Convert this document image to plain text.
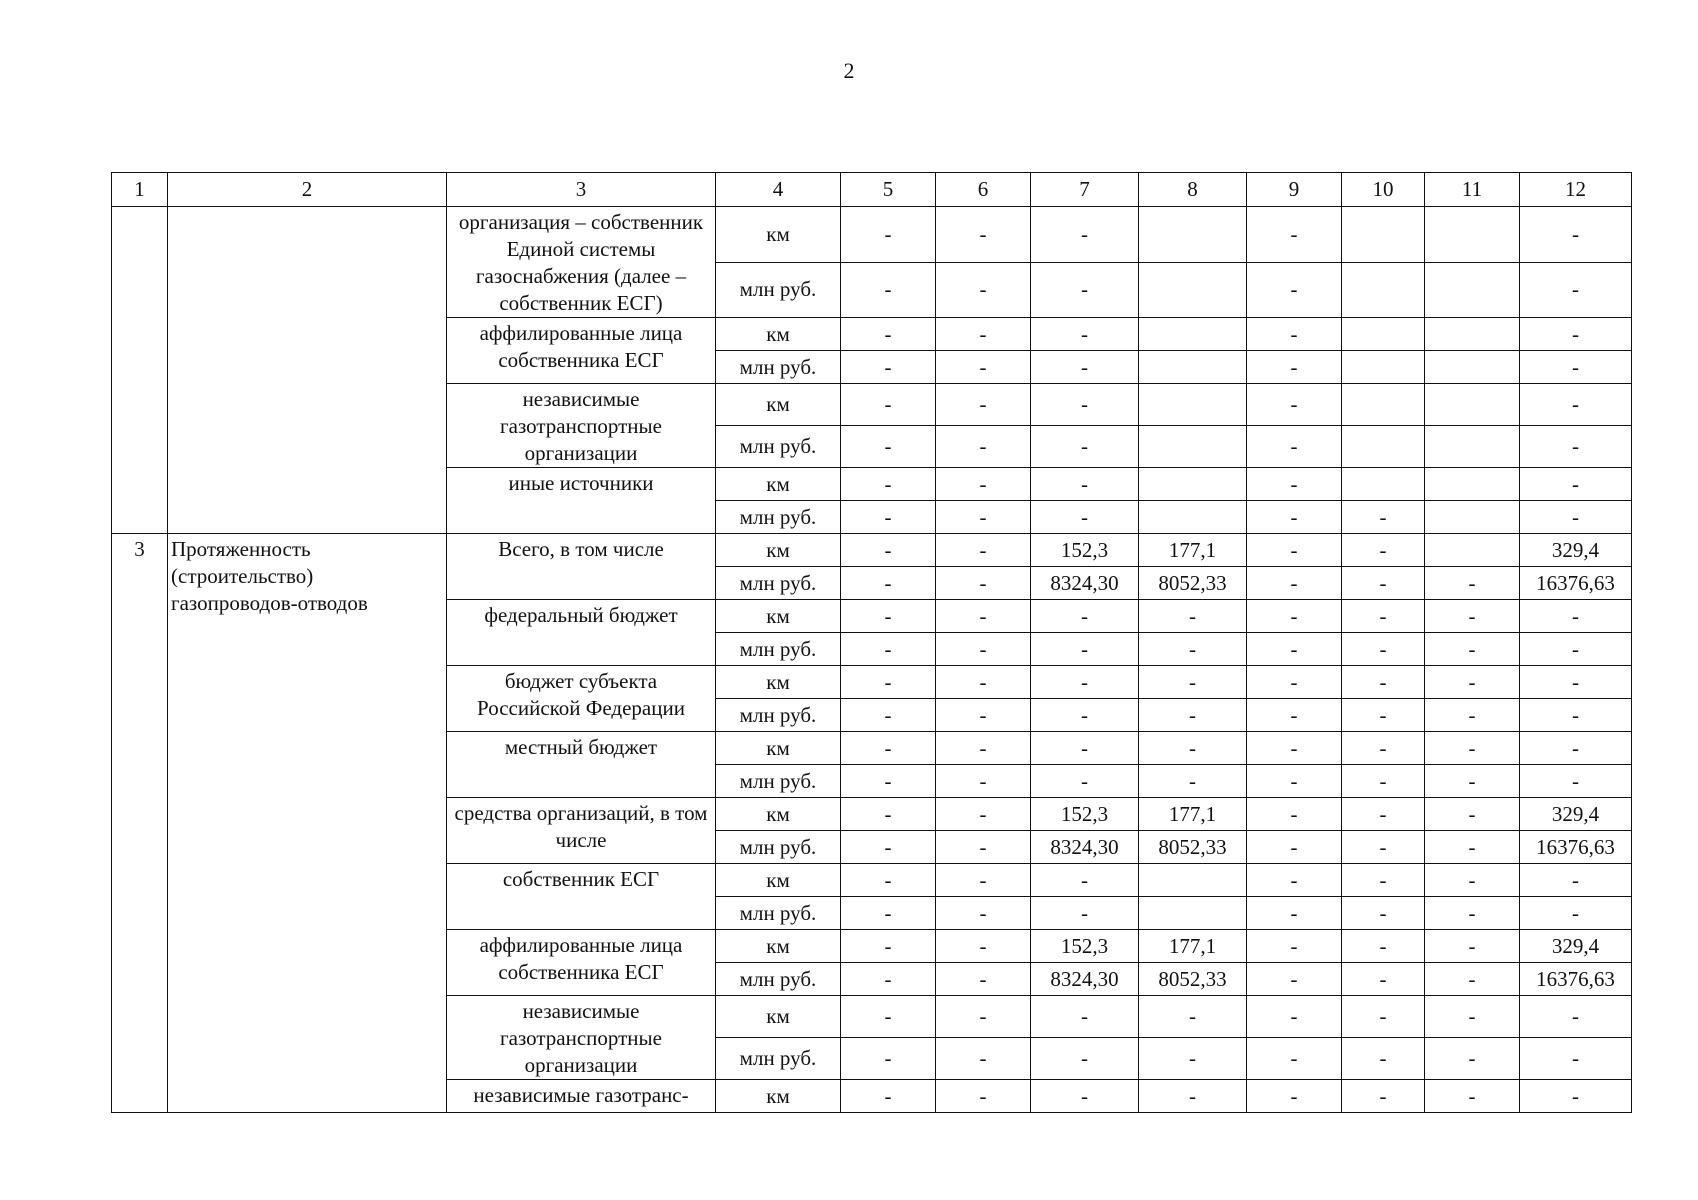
2
1	2	3	4	5	6	7	8	9	10	11	12
		организация – собственник Единой системы газоснабжения (далее – собственник ЕСГ)	км	-	-	-		-			-
			млн руб.	-	-	-		-			-
		аффилированные лица собственника ЕСГ	км	-	-	-		-			-
			млн руб.	-	-	-		-			-
		независимые газотранспортные организации	км	-	-	-		-			-
			млн руб.	-	-	-		-			-
		иные источники	км	-	-	-		-			-
			млн руб.	-	-	-		-	-		-
3	Протяженность (строительство) газопроводов-отводов	Всего, в том числе	км	-	-	152,3	177,1	-	-		329,4
			млн руб.	-	-	8324,30	8052,33	-	-	-	16376,63
		федеральный бюджет	км	-	-	-	-	-	-	-	-
			млн руб.	-	-	-	-	-	-	-	-
		бюджет субъекта Российской Федерации	км	-	-	-	-	-	-	-	-
			млн руб.	-	-	-	-	-	-	-	-
		местный бюджет	км	-	-	-	-	-	-	-	-
			млн руб.	-	-	-	-	-	-	-	-
		средства организаций, в том числе	км	-	-	152,3	177,1	-	-	-	329,4
			млн руб.	-	-	8324,30	8052,33	-	-	-	16376,63
		собственник ЕСГ	км	-	-	-		-	-	-	-
			млн руб.	-	-	-		-	-	-	-
		аффилированные лица собственника ЕСГ	км	-	-	152,3	177,1	-	-	-	329,4
			млн руб.	-	-	8324,30	8052,33	-	-	-	16376,63
		независимые газотранспортные организации	км	-	-	-	-	-	-	-	-
			млн руб.	-	-	-	-	-	-	-	-
		независимые газотранс-	км	-	-	-	-	-	-	-	-
